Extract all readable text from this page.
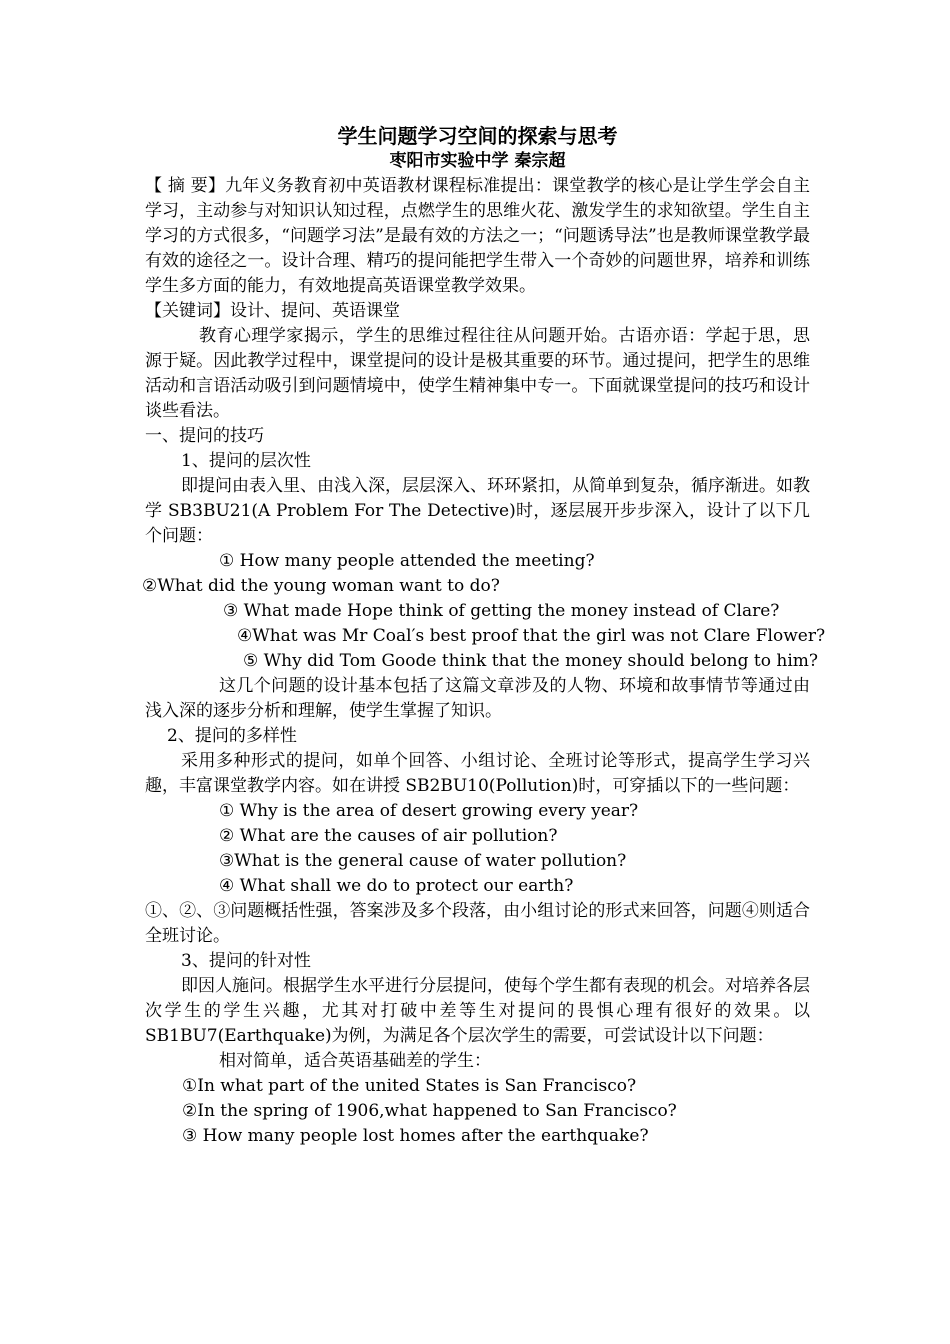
学生问题学习空间的探索与思考

枣阳市实验中学 秦宗超

【 摘 要】九年义务教育初中英语教材课程标准提出：课堂教学的核心是让学生学会自主学习，主动参与对知识认知过程，点燃学生的思维火花、激发学生的求知欲望。学生自主学习的方式很多，“问题学习法”是最有效的方法之一；“问题诱导法”也是教师课堂教学最有效的途径之一。设计合理、精巧的提问能把学生带入一个奇妙的问题世界，培养和训练学生多方面的能力，有效地提高英语课堂教学效果。

【关键词】设计、提问、英语课堂

教育心理学家揭示，学生的思维过程往往从问题开始。古语亦语：学起于思，思源于疑。因此教学过程中，课堂提问的设计是极其重要的环节。通过提问，把学生的思维活动和言语活动吸引到问题情境中，使学生精神集中专一。下面就课堂提问的技巧和设计谈些看法。

一、提问的技巧

1、提问的层次性

即提问由表入里、由浅入深，层层深入、环环紧扣，从简单到复杂，循序渐进。如教学 SB3BU21(A Problem For The Detective)时，逐层展开步步深入，设计了以下几个问题：

① How many people attended the meeting?

②What did the young woman want to do?

③ What made Hope think of getting the money instead of Clare?

④What was Mr Coal′s best proof that the girl was not Clare Flower?

⑤ Why did Tom Goode think that the money should belong to him?

这几个问题的设计基本包括了这篇文章涉及的人物、环境和故事情节等通过由浅入深的逐步分析和理解，使学生掌握了知识。

2、提问的多样性

采用多种形式的提问，如单个回答、小组讨论、全班讨论等形式，提高学生学习兴趣，丰富课堂教学内容。如在讲授 SB2BU10(Pollution)时，可穿插以下的一些问题：

① Why is the area of desert growing every year?

② What are the causes of air pollution?

③What is the general cause of water pollution?

④ What shall we do to protect our earth?

①、②、③问题概括性强，答案涉及多个段落，由小组讨论的形式来回答，问题④则适合全班讨论。

3、提问的针对性

即因人施问。根据学生水平进行分层提问，使每个学生都有表现的机会。对培养各层次学生的学生兴趣，尤其对打破中差等生对提问的畏惧心理有很好的效果。以 SB1BU7(Earthquake)为例，为满足各个层次学生的需要，可尝试设计以下问题：

相对简单，适合英语基础差的学生：

①In what part of the united States is San Francisco?

②In the spring of 1906,what happened to San Francisco?

③ How many people lost homes after the earthquake?
